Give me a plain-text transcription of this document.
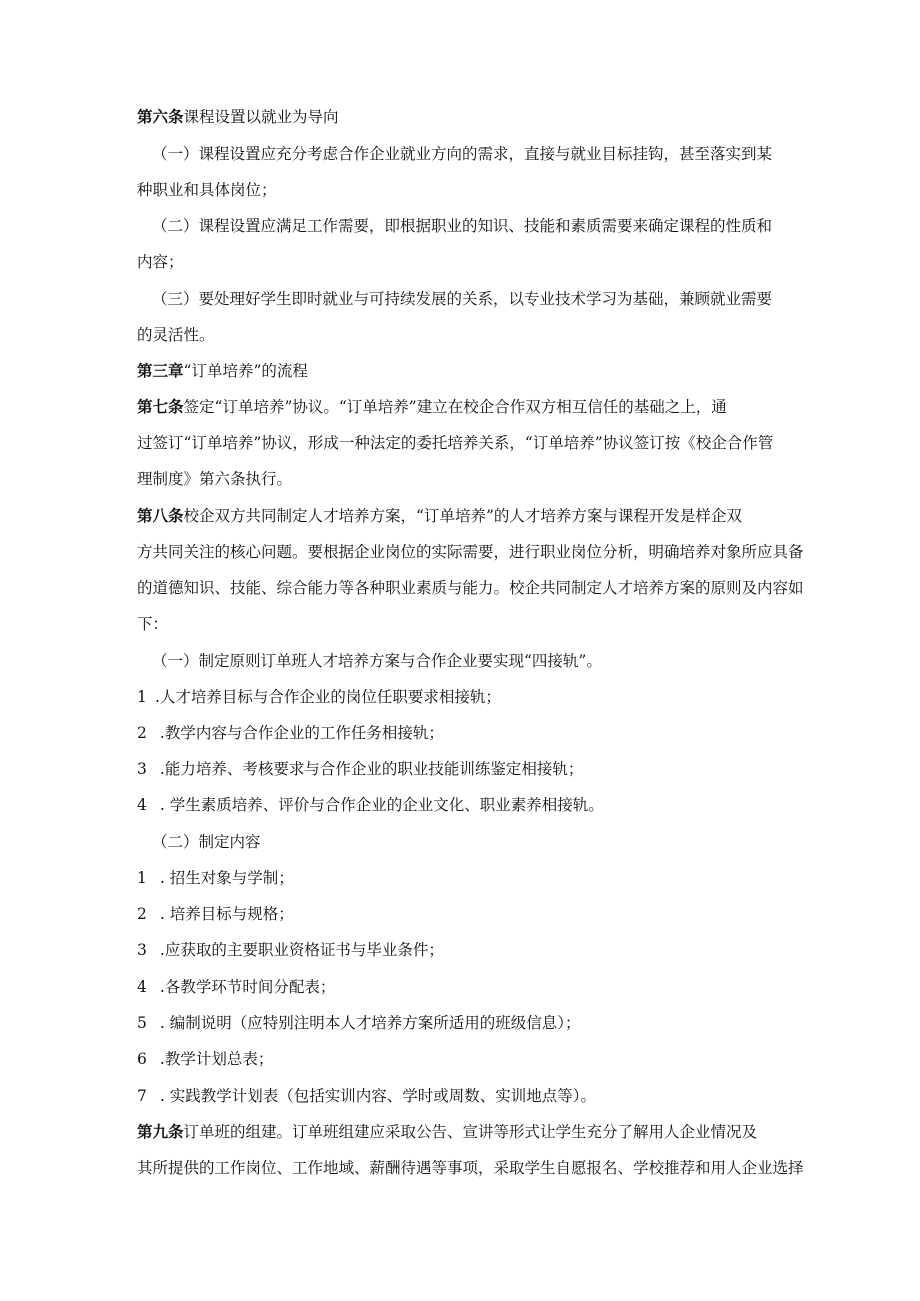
第六条课程设置以就业为导向
（一）课程设置应充分考虑合作企业就业方向的需求，直接与就业目标挂钩，甚至落实到某
种职业和具体岗位；
（二）课程设置应满足工作需要，即根据职业的知识、技能和素质需要来确定课程的性质和
内容；
（三）要处理好学生即时就业与可持续发展的关系，以专业技术学习为基础，兼顾就业需要
的灵活性。
第三章“订单培养”的流程
第七条签定“订单培养”协议。“订单培养”建立在校企合作双方相互信任的基础之上，通
过签订“订单培养”协议，形成一种法定的委托培养关系，“订单培养”协议签订按《校企合作管
理制度》第六条执行。
第八条校企双方共同制定人才培养方案，“订单培养”的人才培养方案与课程开发是样企双
方共同关注的核心问题。要根据企业岗位的实际需要，进行职业岗位分析，明确培养对象所应具备
的道德知识、技能、综合能力等各种职业素质与能力。校企共同制定人才培养方案的原则及内容如
下：
（一）制定原则订单班人才培养方案与合作企业要实现“四接轨”。
1 .人才培养目标与合作企业的岗位任职要求相接轨；
2 .教学内容与合作企业的工作任务相接轨；
3 .能力培养、考核要求与合作企业的职业技能训练鉴定相接轨；
4 . 学生素质培养、评价与合作企业的企业文化、职业素养相接轨。
（二）制定内容
1 . 招生对象与学制；
2 . 培养目标与规格；
3 .应获取的主要职业资格证书与毕业条件；
4 .各教学环节时间分配表；
5 . 编制说明（应特别注明本人才培养方案所适用的班级信息）；
6 .教学计划总表；
7 . 实践教学计划表（包括实训内容、学时或周数、实训地点等）。
第九条订单班的组建。订单班组建应采取公告、宣讲等形式让学生充分了解用人企业情况及
其所提供的工作岗位、工作地域、薪酬待遇等事项，采取学生自愿报名、学校推荐和用人企业选择
